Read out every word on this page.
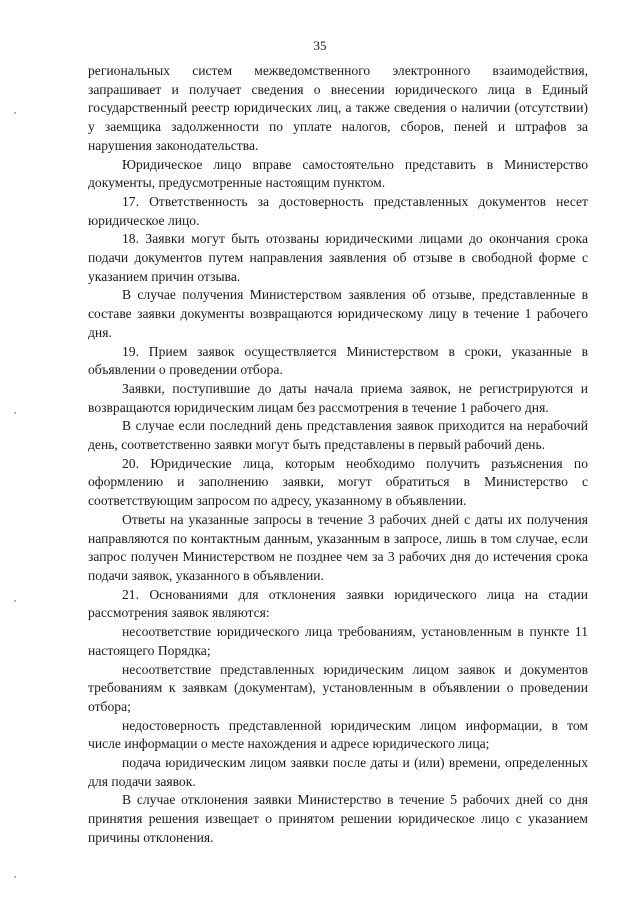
35

региональных систем межведомственного электронного взаимодействия, запрашивает и получает сведения о внесении юридического лица в Единый государственный реестр юридических лиц, а также сведения о наличии (отсутствии) у заемщика задолженности по уплате налогов, сборов, пеней и штрафов за нарушения законодательства.

Юридическое лицо вправе самостоятельно представить в Министерство документы, предусмотренные настоящим пунктом.

17. Ответственность за достоверность представленных документов несет юридическое лицо.

18. Заявки могут быть отозваны юридическими лицами до окончания срока подачи документов путем направления заявления об отзыве в свободной форме с указанием причин отзыва.

В случае получения Министерством заявления об отзыве, представленные в составе заявки документы возвращаются юридическому лицу в течение 1 рабочего дня.

19. Прием заявок осуществляется Министерством в сроки, указанные в объявлении о проведении отбора.

Заявки, поступившие до даты начала приема заявок, не регистрируются и возвращаются юридическим лицам без рассмотрения в течение 1 рабочего дня.

В случае если последний день представления заявок приходится на нерабочий день, соответственно заявки могут быть представлены в первый рабочий день.

20. Юридические лица, которым необходимо получить разъяснения по оформлению и заполнению заявки, могут обратиться в Министерство с соответствующим запросом по адресу, указанному в объявлении.

Ответы на указанные запросы в течение 3 рабочих дней с даты их получения направляются по контактным данным, указанным в запросе, лишь в том случае, если запрос получен Министерством не позднее чем за 3 рабочих дня до истечения срока подачи заявок, указанного в объявлении.

21. Основаниями для отклонения заявки юридического лица на стадии рассмотрения заявок являются:

несоответствие юридического лица требованиям, установленным в пункте 11 настоящего Порядка;

несоответствие представленных юридическим лицом заявок и документов требованиям к заявкам (документам), установленным в объявлении о проведении отбора;

недостоверность представленной юридическим лицом информации, в том числе информации о месте нахождения и адресе юридического лица;

подача юридическим лицом заявки после даты и (или) времени, определенных для подачи заявок.

В случае отклонения заявки Министерство в течение 5 рабочих дней со дня принятия решения извещает о принятом решении юридическое лицо с указанием причины отклонения.
